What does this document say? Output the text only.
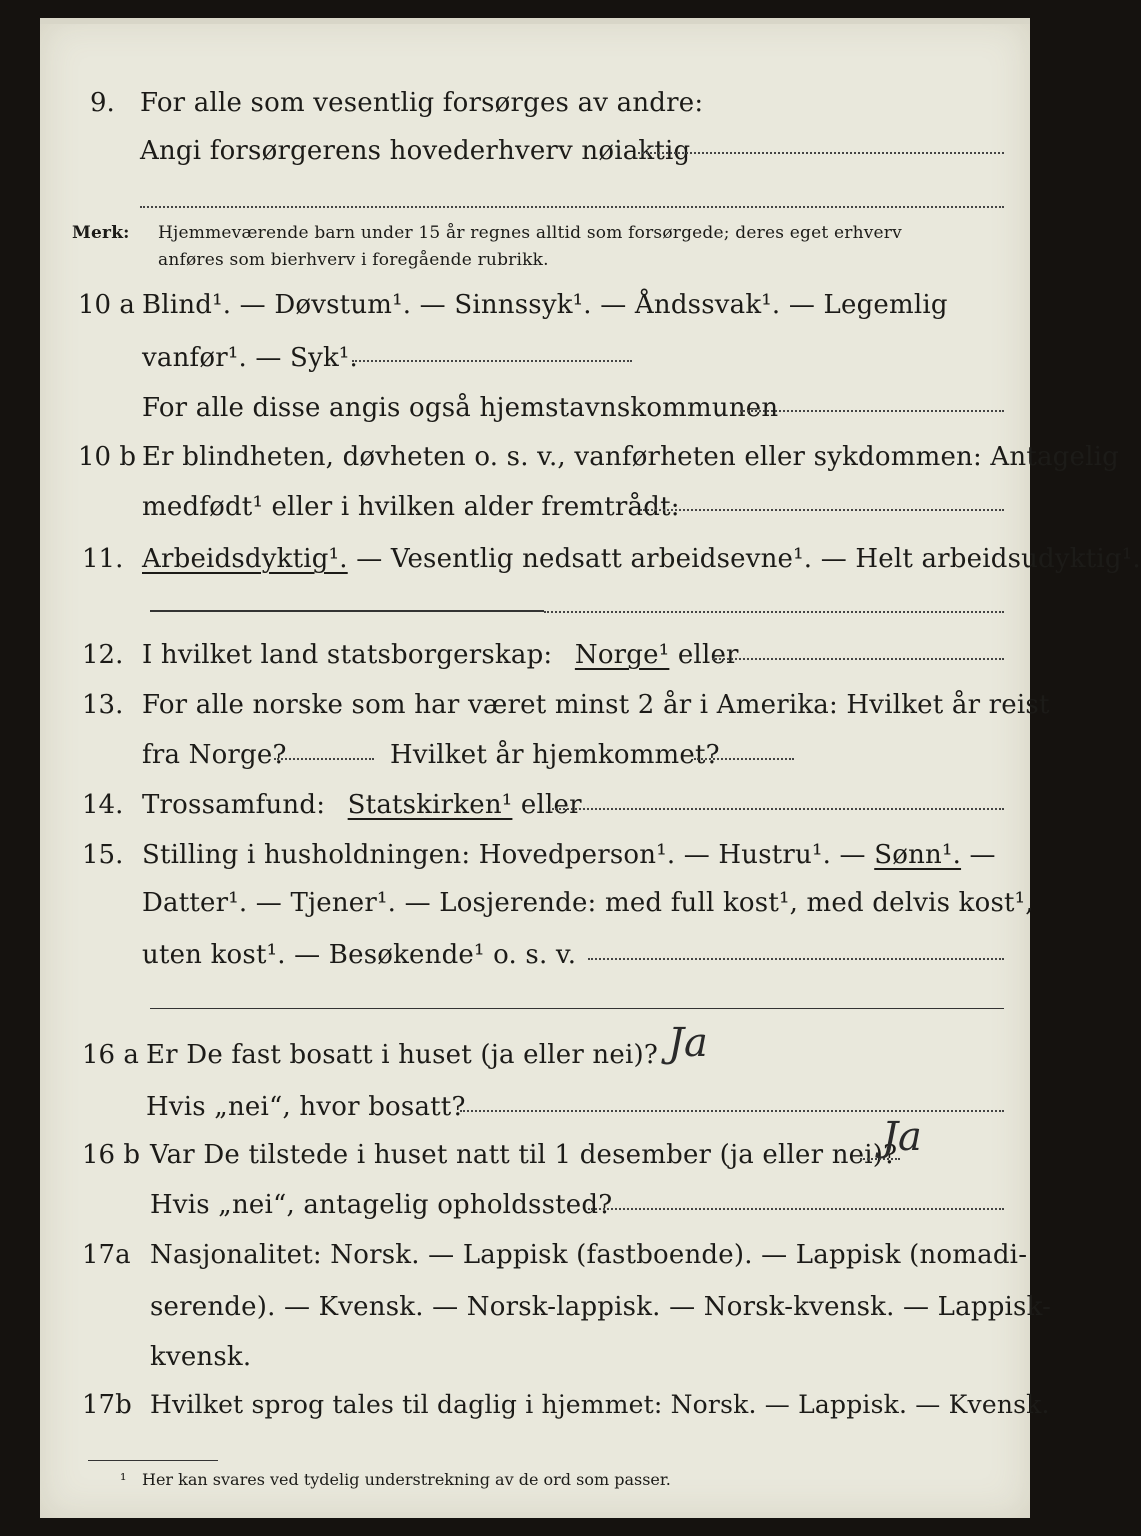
9. For alle som vesentlig forsørges av andre:
Angi forsørgerens hovederhverv nøiaktig
Merk: Hjemmeværende barn under 15 år regnes alltid som forsørgede; deres eget erhverv
anføres som bierhverv i foregående rubrikk.
10 a Blind¹. — Døvstum¹. — Sinnssyk¹. — Åndssvak¹. — Legemlig
vanfør¹. — Syk¹.
For alle disse angis også hjemstavnskommunen
10 b Er blindheten, døvheten o. s. v., vanførheten eller sykdommen: Antagelig
medfødt¹ eller i hvilken alder fremtrådt:
11. Arbeidsdyktig¹. — Vesentlig nedsatt arbeidsevne¹. — Helt arbeidsudyktig¹.
12. I hvilket land statsborgerskap: Norge¹ eller
13. For alle norske som har været minst 2 år i Amerika: Hvilket år reist
fra Norge?	Hvilket år hjemkommet?
14. Trossamfund: Statskirken¹ eller
15. Stilling i husholdningen: Hovedperson¹. — Hustru¹. — Sønn¹. —
Datter¹. — Tjener¹. — Losjerende: med full kost¹, med delvis kost¹,
uten kost¹. — Besøkende¹ o. s. v.
16 a Er De fast bosatt i huset (ja eller nei)? Ja
Hvis „nei“, hvor bosatt?
16 b Var De tilstede i huset natt til 1 desember (ja eller nei)?
Ja
Hvis „nei“, antagelig opholdssted?
17a Nasjonalitet: Norsk. — Lappisk (fastboende). — Lappisk (nomadi-
serende). — Kvensk. — Norsk-lappisk. — Norsk-kvensk. — Lappisk-
kvensk.
17b Hvilket sprog tales til daglig i hjemmet: Norsk. — Lappisk. — Kvensk.
¹ Her kan svares ved tydelig understrekning av de ord som passer.
